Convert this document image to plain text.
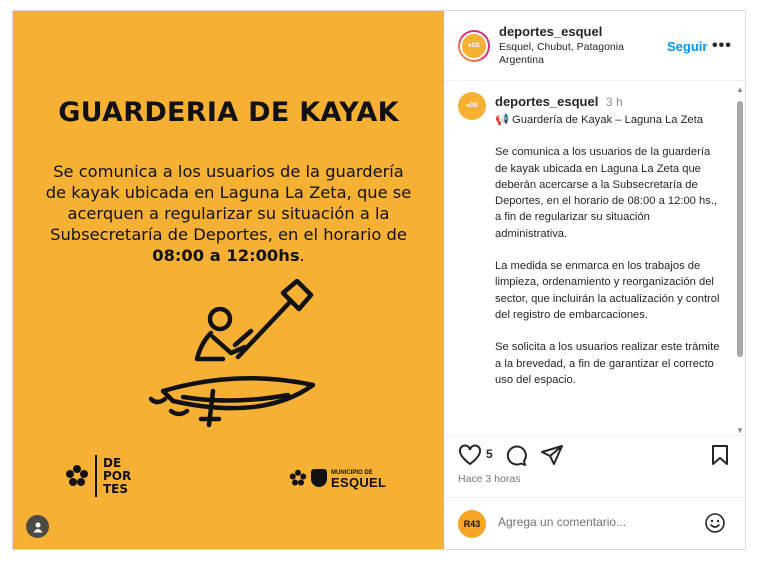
GUARDERIA DE KAYAK
Se comunica a los usuarios de la guardería de kayak ubicada en Laguna La Zeta, que se acerquen a regularizar su situación a la Subsecretaría de Deportes, en el horario de 08:00 a 12:00hs.
DE
POR
TES
MUNICIPIO DE
ESQUEL
●DE
deportes_esquel
Esquel, Chubut, Patagonia Argentina
Seguir •••
●DE	deportes_esquel 3 h

📢 Guardería de Kayak – Laguna La Zeta

Se comunica a los usuarios de la guardería de kayak ubicada en Laguna La Zeta que deberán acercarse a la Subsecretaría de Deportes, en el horario de 08:00 a 12:00 hs., a fin de regularizar su situación administrativa.

La medida se enmarca en los trabajos de limpieza, ordenamiento y reorganización del sector, que incluirán la actualización y control del registro de embarcaciones.

Se solicita a los usuarios realizar este trámite a la brevedad, a fin de garantizar el correcto uso del espacio.

▲
▼
5
Hace 3 horas
R43
Agrega un comentario...
